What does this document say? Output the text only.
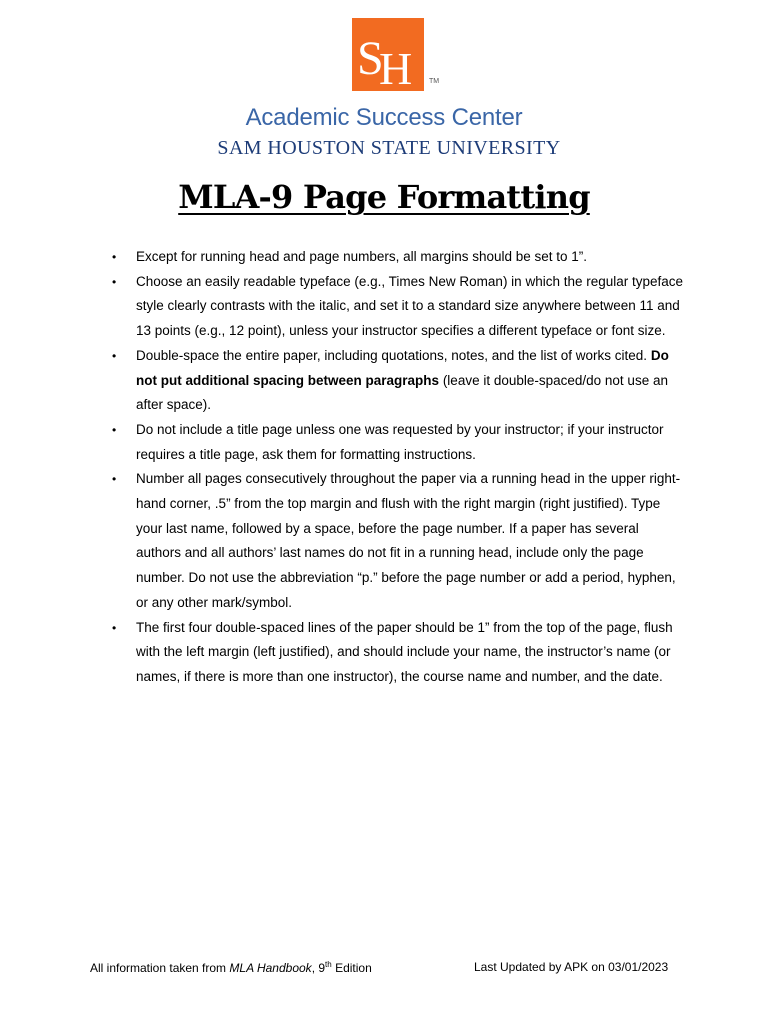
S
H TM
Academic Success Center
SAM HOUSTON STATE UNIVERSITY
MLA-9 Page Formatting
• Except for running head and page numbers, all margins should be set to 1”.
• Choose an easily readable typeface (e.g., Times New Roman) in which the regular typeface style clearly contrasts with the italic, and set it to a standard size anywhere between 11 and 13 points (e.g., 12 point), unless your instructor specifies a different typeface or font size.
• Double-space the entire paper, including quotations, notes, and the list of works cited. Do not put additional spacing between paragraphs (leave it double-spaced/do not use an after space).
• Do not include a title page unless one was requested by your instructor; if your instructor requires a title page, ask them for formatting instructions.
• Number all pages consecutively throughout the paper via a running head in the upper right-hand corner, .5” from the top margin and flush with the right margin (right justified). Type your last name, followed by a space, before the page number. If a paper has several authors and all authors’ last names do not fit in a running head, include only the page number. Do not use the abbreviation “p.” before the page number or add a period, hyphen, or any other mark/symbol.
• The first four double-spaced lines of the paper should be 1” from the top of the page, flush with the left margin (left justified), and should include your name, the instructor’s name (or names, if there is more than one instructor), the course name and number, and the date.
All information taken from MLA Handbook, 9th Edition	Last Updated by APK on 03/01/2023
